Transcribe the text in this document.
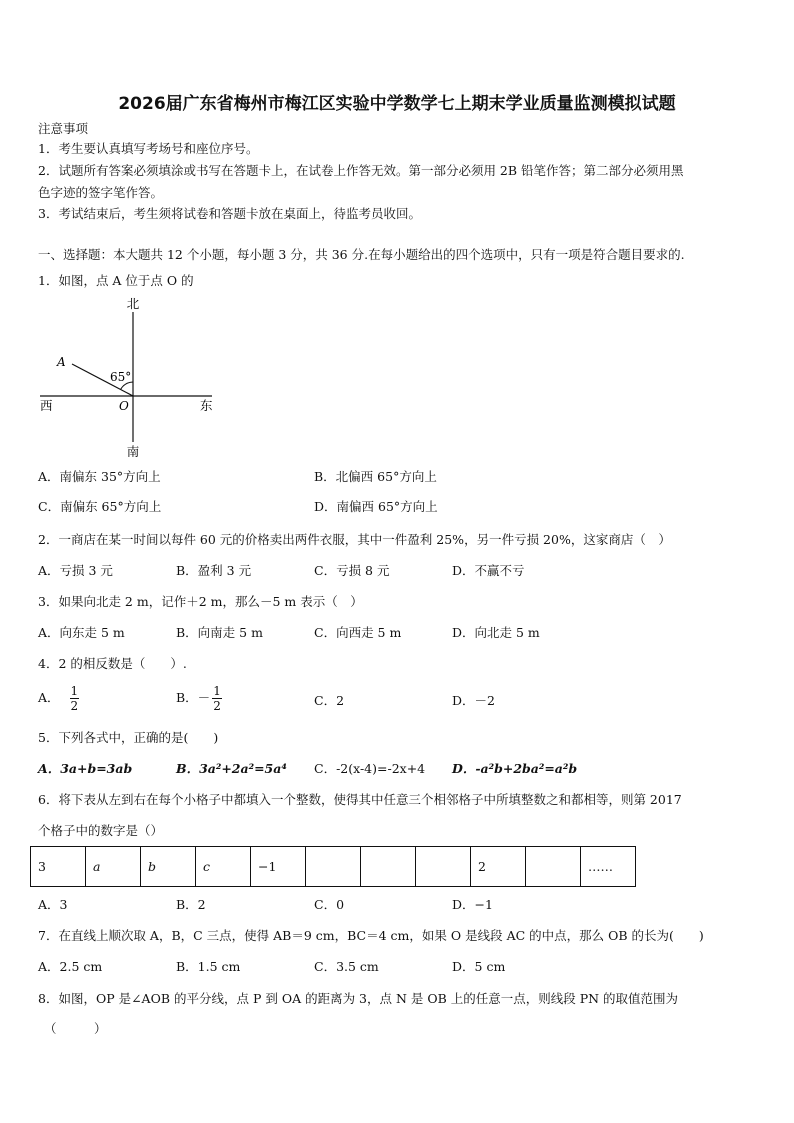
2026届广东省梅州市梅江区实验中学数学七上期末学业质量监测模拟试题
注意事项
1．考生要认真填写考场号和座位序号。
2．试题所有答案必须填涂或书写在答题卡上，在试卷上作答无效。第一部分必须用 2B 铅笔作答；第二部分必须用黑
色字迹的签字笔作答。
3．考试结束后，考生须将试卷和答题卡放在桌面上，待监考员收回。
一、选择题：本大题共 12 个小题，每小题 3 分，共 36 分.在每小题给出的四个选项中，只有一项是符合题目要求的.
1．如图，点 A 位于点 O 的
北
南
西	东
65°
A
O
A．南偏东 35°方向上	B．北偏西 65°方向上
C．南偏东 65°方向上	D．南偏西 65°方向上
2．一商店在某一时间以每件 60 元的价格卖出两件衣服，其中一件盈利 25%，另一件亏损 20%，这家商店（　）
A．亏损 3 元	B．盈利 3 元	C．亏损 8 元	D．不赢不亏
3．如果向北走 2 m，记作＋2 m，那么－5 m 表示（　）
A．向东走 5 m	B．向南走 5 m	C．向西走 5 m	D．向北走 5 m
4．2 的相反数是（　　）.
A． $\frac{1}{2}$	B．－ $\frac{1}{2}$	C．2	D．－2
5．下列各式中，正确的是(　　)
A．3a+b=3ab	B．3a²+2a²=5a⁴ C．-2(x-4)=-2x+4 D．-a²b+2ba²=a²b
6．将下表从左到右在每个小格子中都填入一个整数，使得其中任意三个相邻格子中所填整数之和都相等，则第 2017
个格子中的数字是（）
3	a	b	c	−1				2		……
A．3	B．2	C．0	D．−1
7．在直线上顺次取 A，B，C 三点，使得 AB＝9 cm，BC＝4 cm，如果 O 是线段 AC 的中点，那么 OB 的长为(　　)
A．2.5 cm	B．1.5 cm	C．3.5 cm	D．5 cm
8．如图，OP 是∠AOB 的平分线，点 P 到 OA 的距离为 3，点 N 是 OB 上的任意一点，则线段 PN 的取值范围为
（　　　）
